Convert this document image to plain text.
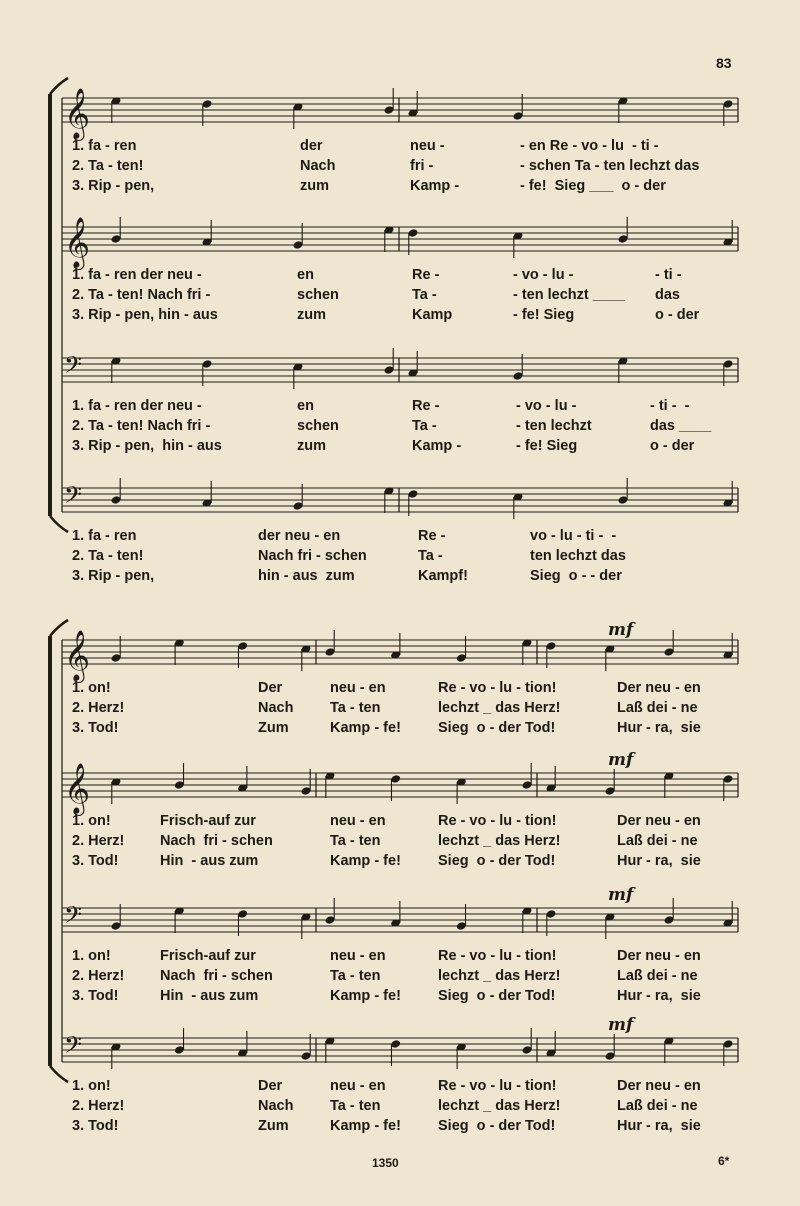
𝄞
𝄞
𝄢
𝄢
𝄞
𝄞
𝄢
𝄢
1. fa - ren	der	neu -	- en Re - vo - lu  - ti -
2. Ta - ten!	Nach	fri -	- schen Ta - ten lechzt das
3. Rip - pen,	zum	Kamp -	- fe!  Sieg ___  o - der
1. fa - ren der neu -	en	Re -	- vo - lu -	- ti -
2. Ta - ten! Nach fri -	schen	Ta -	- ten lechzt ____ das
3. Rip - pen, hin - aus	zum	Kamp	- fe! Sieg	o - der
1. fa - ren der neu -	en	Re -	- vo - lu -	- ti -  -
2. Ta - ten! Nach fri -	schen	Ta -	- ten lechzt	das ____
3. Rip - pen,  hin - aus	zum	Kamp -	- fe! Sieg	o - der
1. fa - ren	der neu - en	Re -	vo - lu - ti -  -
2. Ta - ten!	Nach fri - schen	Ta -	ten lechzt das
3. Rip - pen,	hin - aus  zum	Kampf!	Sieg  o - - der
1. on!	Der	neu - en	Re - vo - lu - tion!	Der neu - en
2. Herz!	Nach	Ta - ten	lechzt _ das Herz!	Laß dei - ne
3. Tod!	Zum	Kamp - fe!	Sieg  o - der Tod!	Hur - ra,  sie
1. on!	Frisch-auf zur	neu - en	Re - vo - lu - tion!	Der neu - en
2. Herz! Nach  fri - schen	Ta - ten	lechzt _ das Herz!	Laß dei - ne
3. Tod!	Hin  - aus zum	Kamp - fe!	Sieg  o - der Tod!	Hur - ra,  sie
1. on!	Frisch-auf zur	neu - en	Re - vo - lu - tion!	Der neu - en
2. Herz! Nach  fri - schen	Ta - ten	lechzt _ das Herz!	Laß dei - ne
3. Tod!	Hin  - aus zum	Kamp - fe!	Sieg  o - der Tod!	Hur - ra,  sie
1. on!	Der	neu - en	Re - vo - lu - tion!	Der neu - en
2. Herz!	Nach	Ta - ten	lechzt _ das Herz!	Laß dei - ne
3. Tod!	Zum	Kamp - fe!	Sieg  o - der Tod!	Hur - ra,  sie
83
1350	6*
mf
mf
mf
mf
